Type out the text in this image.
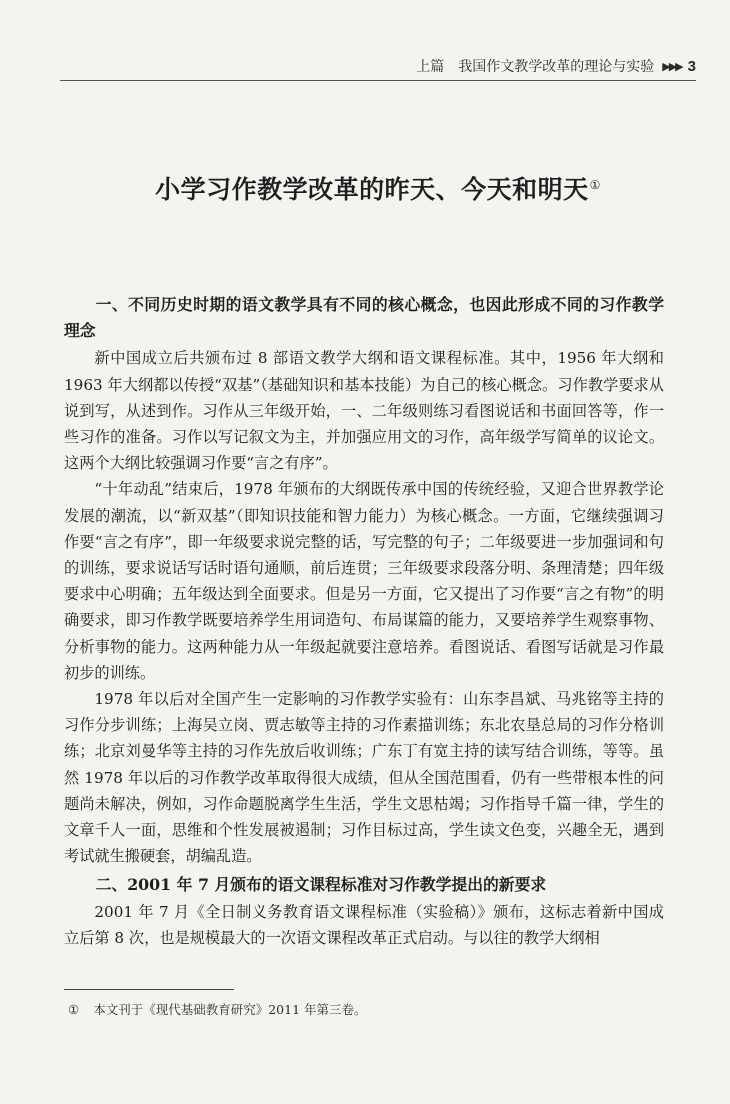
上篇 我国作文教学改革的理论与实验 ▶▶▶ 3
小学习作教学改革的昨天、今天和明天①
一、不同历史时期的语文教学具有不同的核心概念，也因此形成不同的习作教学理念

新中国成立后共颁布过 8 部语文教学大纲和语文课程标准。其中，1956 年大纲和 1963 年大纲都以传授“双基”（基础知识和基本技能）为自己的核心概念。习作教学要求从说到写，从述到作。习作从三年级开始，一、二年级则练习看图说话和书面回答等，作一些习作的准备。习作以写记叙文为主，并加强应用文的习作，高年级学写简单的议论文。这两个大纲比较强调习作要“言之有序”。

“十年动乱”结束后，1978 年颁布的大纲既传承中国的传统经验，又迎合世界教学论发展的潮流，以“新双基”（即知识技能和智力能力）为核心概念。一方面，它继续强调习作要“言之有序”，即一年级要求说完整的话，写完整的句子；二年级要进一步加强词和句的训练，要求说话写话时语句通顺，前后连贯；三年级要求段落分明、条理清楚；四年级要求中心明确；五年级达到全面要求。但是另一方面，它又提出了习作要“言之有物”的明确要求，即习作教学既要培养学生用词造句、布局谋篇的能力，又要培养学生观察事物、分析事物的能力。这两种能力从一年级起就要注意培养。看图说话、看图写话就是习作最初步的训练。

1978 年以后对全国产生一定影响的习作教学实验有：山东李昌斌、马兆铭等主持的习作分步训练；上海吴立岗、贾志敏等主持的习作素描训练；东北农垦总局的习作分格训练；北京刘曼华等主持的习作先放后收训练；广东丁有宽主持的读写结合训练，等等。虽然 1978 年以后的习作教学改革取得很大成绩，但从全国范围看，仍有一些带根本性的问题尚未解决，例如，习作命题脱离学生生活，学生文思枯竭；习作指导千篇一律，学生的文章千人一面，思维和个性发展被遏制；习作目标过高，学生读文色变，兴趣全无，遇到考试就生搬硬套，胡编乱造。

二、2001 年 7 月颁布的语文课程标准对习作教学提出的新要求

2001 年 7 月《全日制义务教育语文课程标准（实验稿）》颁布，这标志着新中国成立后第 8 次，也是规模最大的一次语文课程改革正式启动。与以往的教学大纲相

① 本文刊于《现代基础教育研究》2011 年第三卷。
